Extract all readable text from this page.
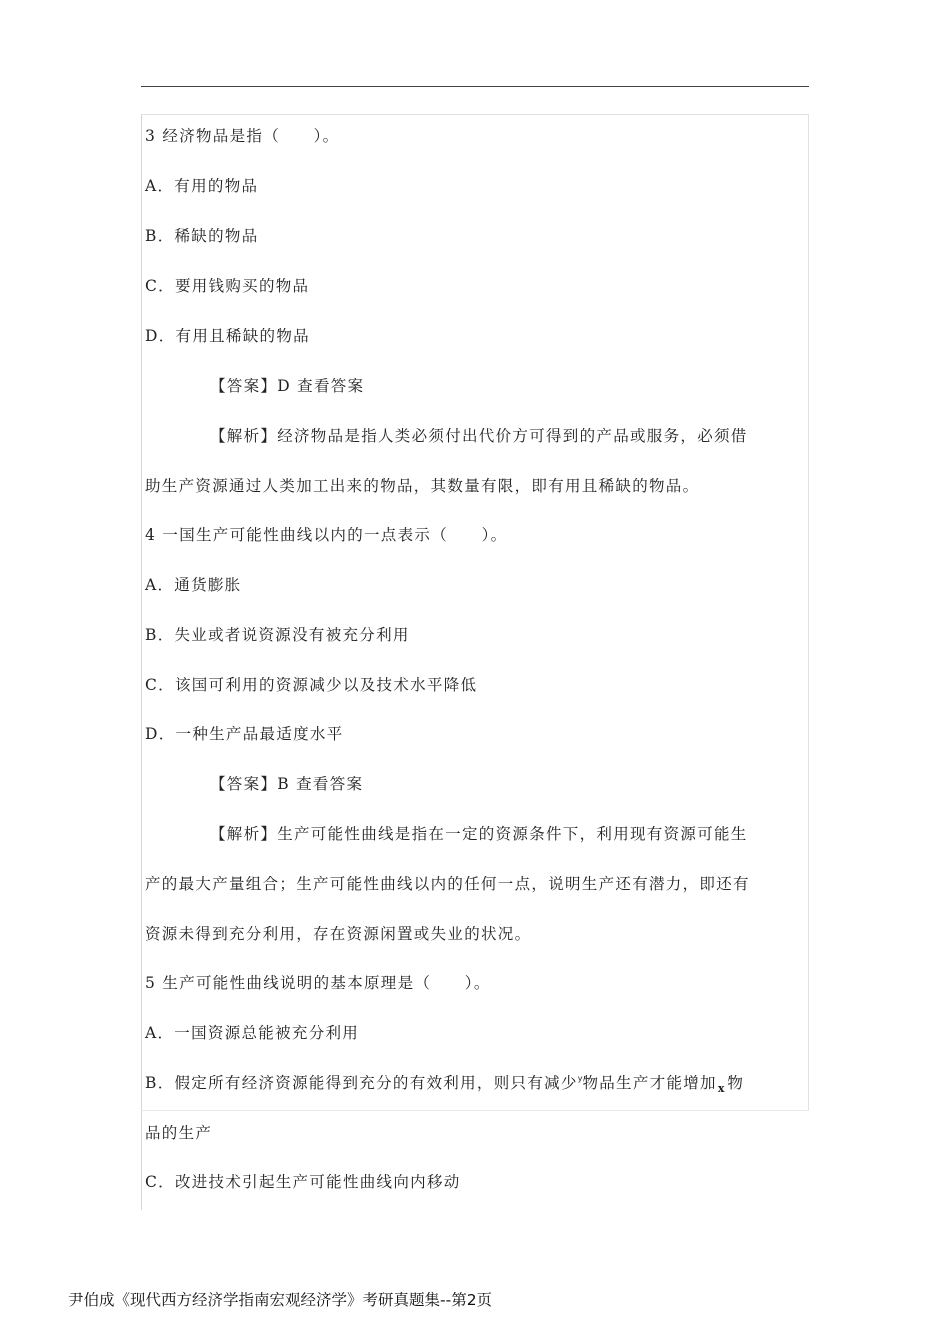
3 经济物品是指（　　）。
A．有用的物品
B．稀缺的物品
C．要用钱购买的物品
D．有用且稀缺的物品
【答案】D 查看答案
【解析】经济物品是指人类必须付出代价方可得到的产品或服务，必须借
助生产资源通过人类加工出来的物品，其数量有限，即有用且稀缺的物品。
4 一国生产可能性曲线以内的一点表示（　　）。
A．通货膨胀
B．失业或者说资源没有被充分利用
C．该国可利用的资源减少以及技术水平降低
D．一种生产品最适度水平
【答案】B 查看答案
【解析】生产可能性曲线是指在一定的资源条件下，利用现有资源可能生
产的最大产量组合；生产可能性曲线以内的任何一点，说明生产还有潜力，即还有
资源未得到充分利用，存在资源闲置或失业的状况。
5 生产可能性曲线说明的基本原理是（　　）。
A．一国资源总能被充分利用
B．假定所有经济资源能得到充分的有效利用，则只有减少$^y$物品生产才能增加$_x$ 物
品的生产
C．改进技术引起生产可能性曲线向内移动
尹伯成《现代西方经济学指南宏观经济学》考研真题集--第2页
